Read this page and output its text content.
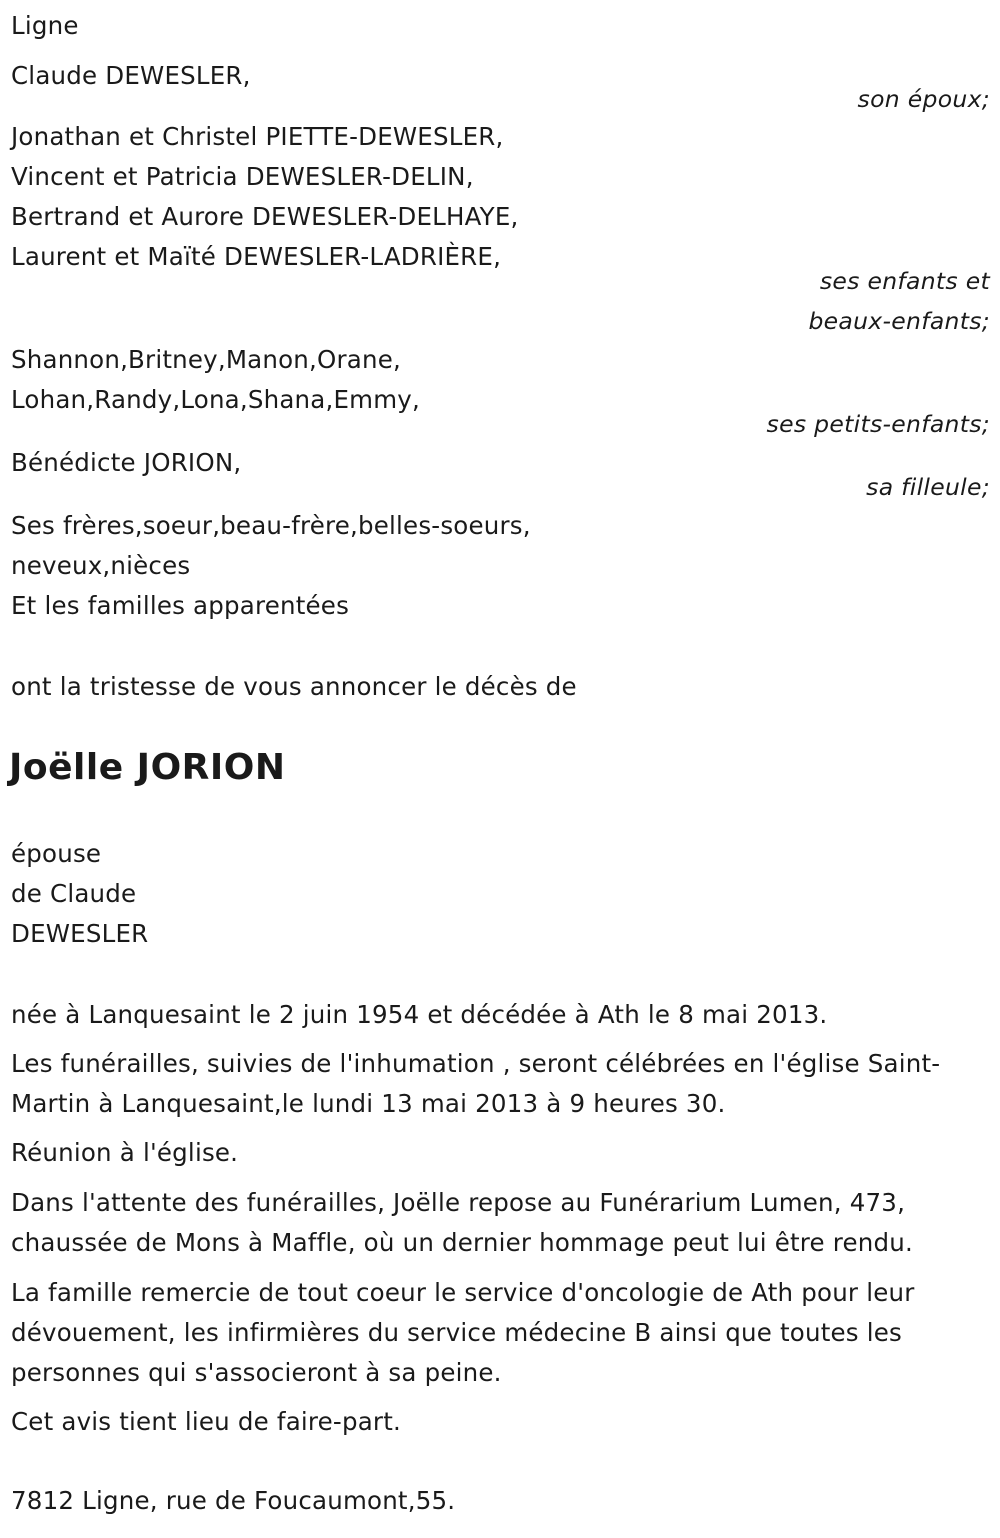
Ligne
Claude DEWESLER,
son époux;
Jonathan et Christel PIETTE-DEWESLER,
Vincent et Patricia DEWESLER-DELIN,
Bertrand et Aurore DEWESLER-DELHAYE,
Laurent et Maïté DEWESLER-LADRIÈRE,
ses enfants et
beaux-enfants;
Shannon,Britney,Manon,Orane,
Lohan,Randy,Lona,Shana,Emmy,
ses petits-enfants;
Bénédicte JORION,
sa filleule;
Ses frères,soeur,beau-frère,belles-soeurs,
neveux,nièces
Et les familles apparentées
ont la tristesse de vous annoncer le décès de
Joëlle JORION
épouse
de Claude
DEWESLER
née à Lanquesaint le 2 juin 1954 et décédée à Ath le 8 mai 2013.
Les funérailles, suivies de l'inhumation , seront célébrées en l'église Saint-
Martin à Lanquesaint,le lundi 13 mai 2013 à 9 heures 30.
Réunion à l'église.
Dans l'attente des funérailles, Joëlle repose au Funérarium Lumen, 473,
chaussée de Mons à Maffle, où un dernier hommage peut lui être rendu.
La famille remercie de tout coeur le service d'oncologie de Ath pour leur
dévouement, les infirmières du service médecine B ainsi que toutes les
personnes qui s'associeront à sa peine.
Cet avis tient lieu de faire-part.
7812 Ligne, rue de Foucaumont,55.
